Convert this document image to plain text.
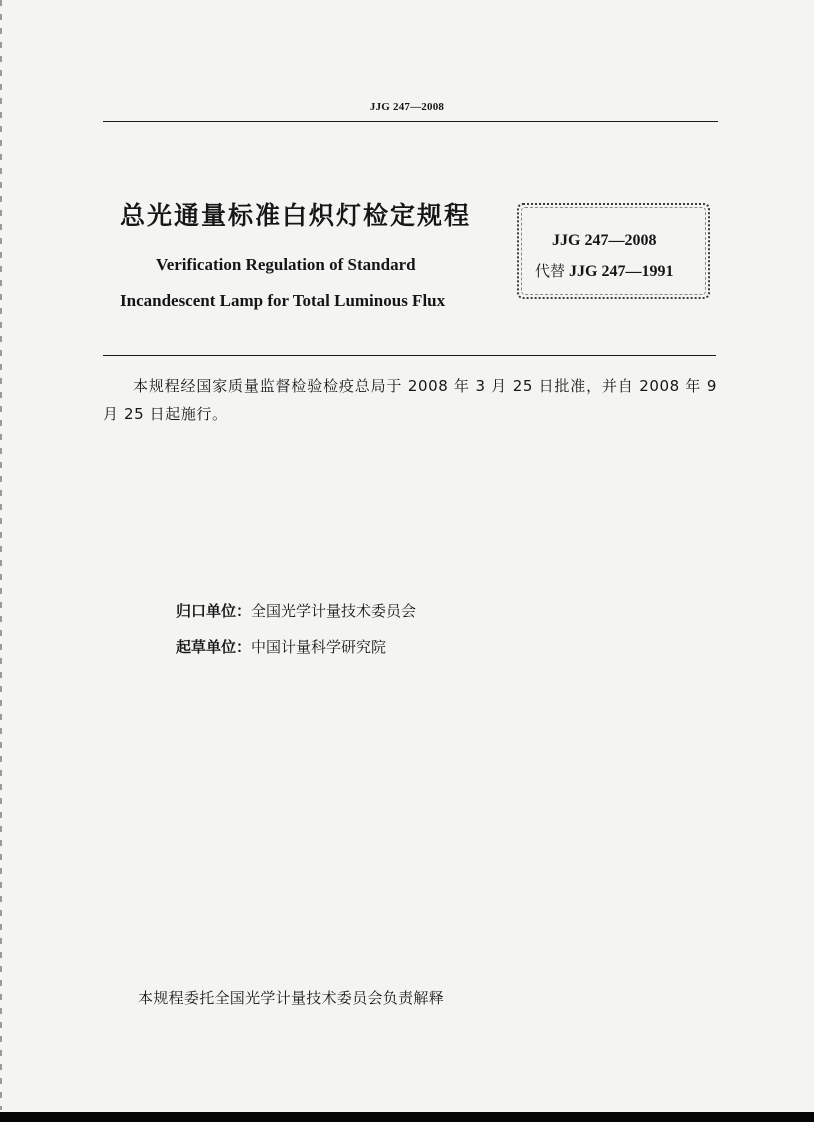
JJG 247—2008
总光通量标准白炽灯检定规程
Verification Regulation of Standard
Incandescent Lamp for Total Luminous Flux
JJG 247—2008
代替 JJG 247—1991
本规程经国家质量监督检验检疫总局于 2008 年 3 月 25 日批准，并自 2008 年 9 月 25 日起施行。
归口单位：全国光学计量技术委员会
起草单位：中国计量科学研究院
本规程委托全国光学计量技术委员会负责解释
